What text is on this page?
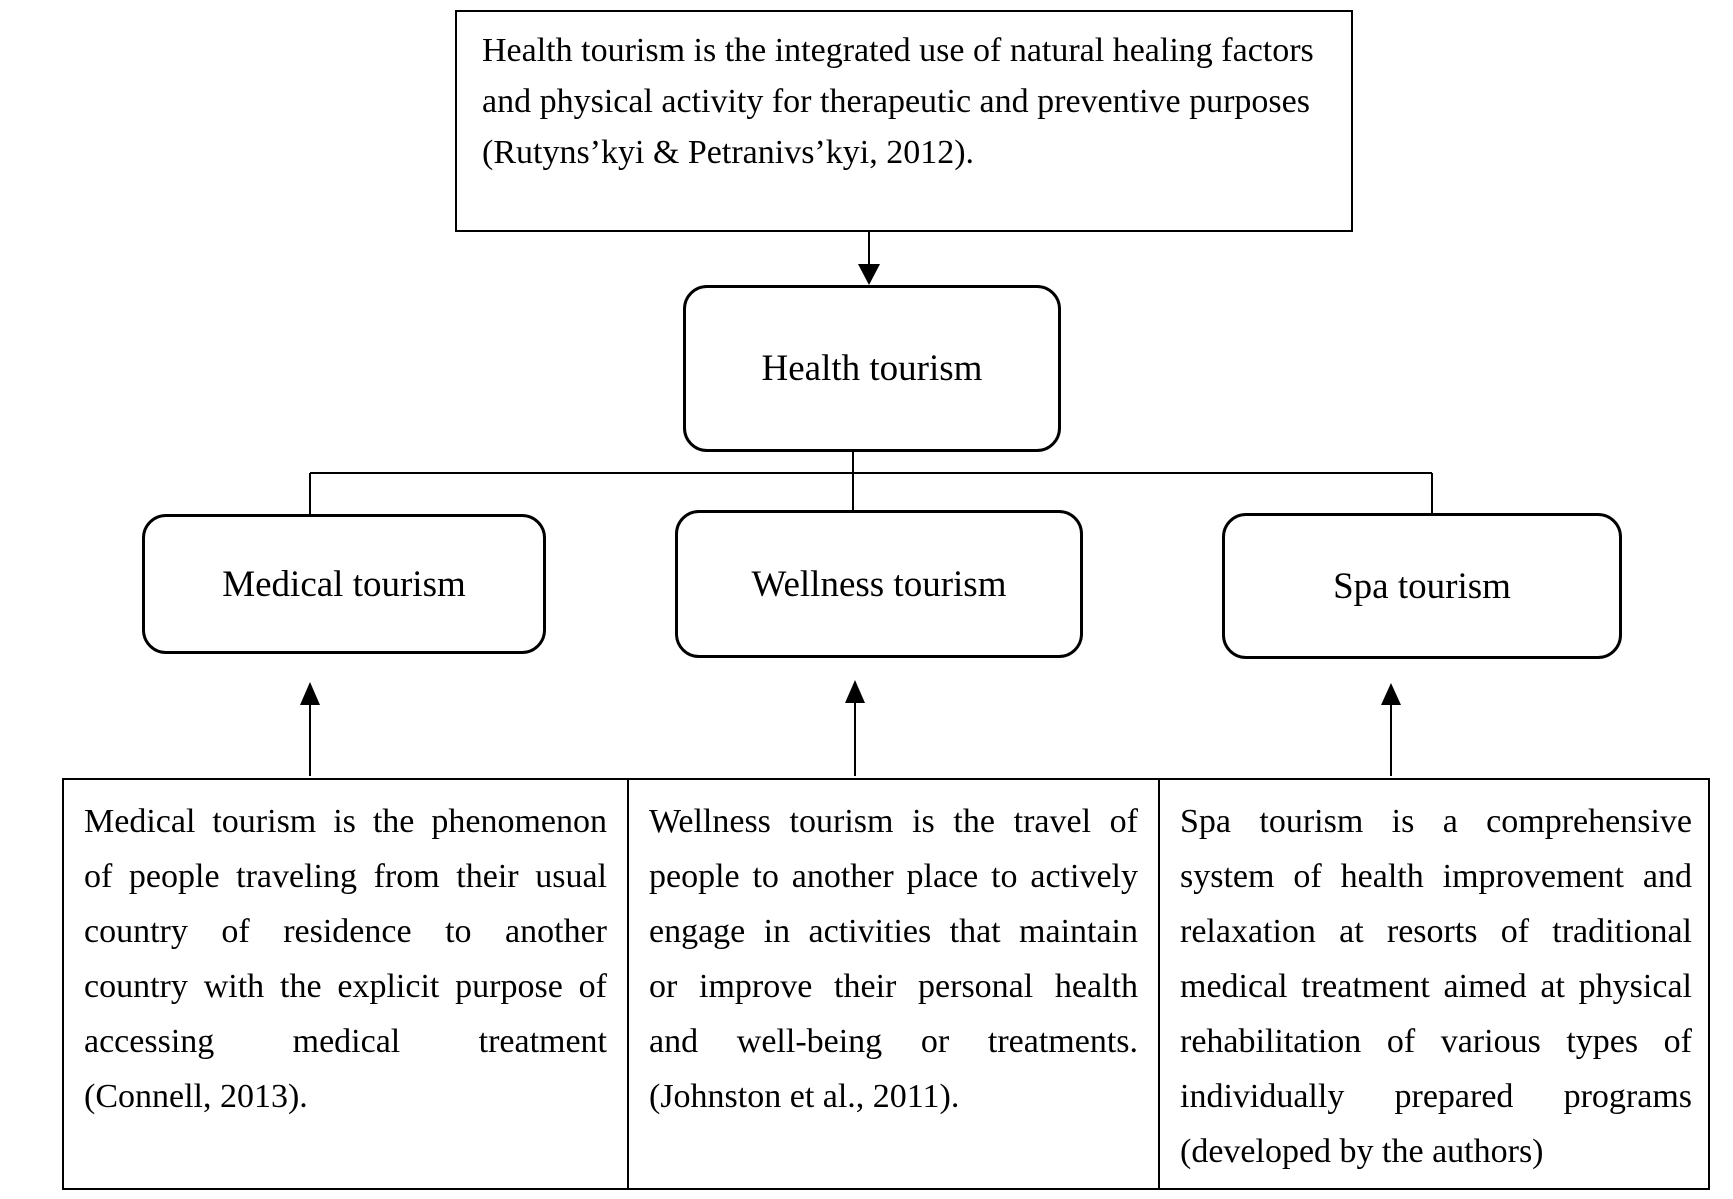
Health tourism is the integrated use of natural healing factors
and physical activity for therapeutic and preventive purposes
(Rutyns’kyi & Petranivs’kyi, 2012).
Health tourism
Medical tourism	Wellness tourism	Spa tourism
Medical tourism is the phenomenon
of people traveling from their usual
country of residence to another
country with the explicit purpose of
accessing medical treatment
(Connell, 2013).
Wellness tourism is the travel of
people to another place to actively
engage in activities that maintain
or improve their personal health
and well-being or treatments.
(Johnston et al., 2011).
Spa tourism is a comprehensive
system of health improvement and
relaxation at resorts of traditional
medical treatment aimed at physical
rehabilitation of various types of
individually prepared programs
(developed by the authors)
